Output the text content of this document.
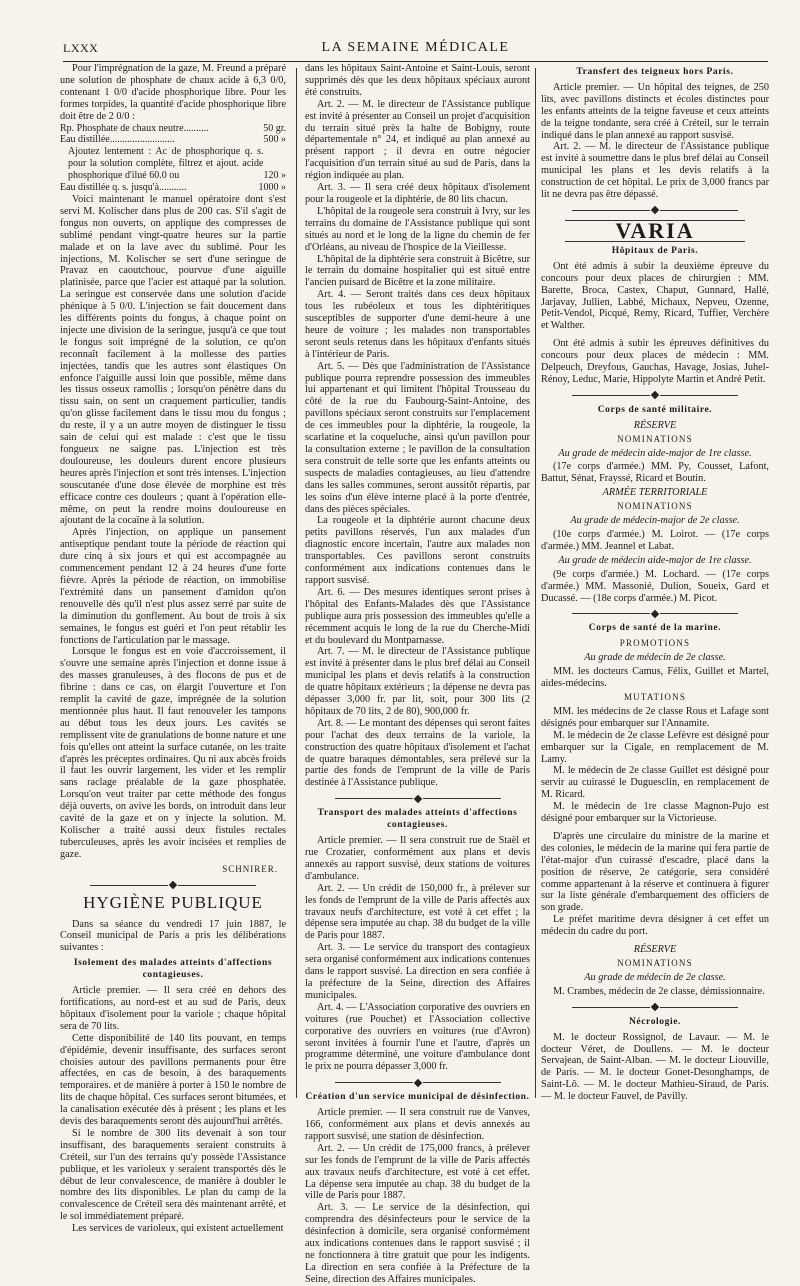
LXXX	LA SEMAINE MÉDICALE

Pour l'imprégnation de la gaze, M. Freund a préparé une solution de phosphate de chaux acide à 6,3 0/0, contenant 1 0/0 d'acide phosphorique libre. Pour les formes torpides, la quantité d'acide phosphorique libre doit être de 2 0/0 :

Rp. Phosphate de chaux neutre..........	50 gr.
Eau distillée..........................	500 »
Ajoutez lentement : Ac de phosphorique q. s. pour la solution complète, filtrez et ajout. acide phosphorique d'ilué 60.0 ou	120 »
Eau distillée q. s. jusqu'à...........	1000 »

Voici maintenant le manuel opératoire dont s'est servi M. Kolischer dans plus de 200 cas. S'il s'agit de fongus non ouverts, on applique des compresses de sublimé pendant vingt-quatre heures sur la partie malade et on la lave avec du sublimé. Pour les injections, M. Kolischer se sert d'une seringue de Pravaz en caoutchouc, pourvue d'une aiguille platinisée, parce que l'acier est attaqué par la solution. La seringue est conservée dans une solution d'acide phénique à 5 0/0. L'injection se fait doucement dans les différents points du fongus, à chaque point on injecte une division de la seringue, jusqu'à ce que tout le fongus soit imprégné de la solution, ce qu'on reconnaît facilement à la mollesse des parties injectées, tandis que les autres sont élastiques On enfonce l'aiguille aussi loin que possible, même dans les tissus osseux ramollis ; lorsqu'on pénètre dans du tissu sain, on sent un craquement particulier, tandis qu'on glisse facilement dans le tissu mou du fongus ; du reste, il y a un autre moyen de distinguer le tissu sain de celui qui est malade : c'est que le tissu fongueux ne saigne pas. L'injection est très douloureuse, les douleurs durent encore plusieurs heures après l'injection et sont très intenses. L'injection souscutanée d'une dose élevée de morphine est très efficace contre ces douleurs ; quant à l'opération elle-même, on peut la rendre moins douloureuse en ajoutant de la cocaïne à la solution.

Après l'injection, on applique un pansement antiseptique pendant toute la période de réaction qui dure cinq à six jours et qui est accompagnée au commencement pendant 12 à 24 heures d'une forte fièvre. Après la période de réaction, on immobilise l'extrémité dans un pansement d'amidon qu'on renouvelle dès qu'il n'est plus assez serré par suite de la diminution du gonflement. Au bout de trois à six semaines, le fongus est guéri et l'on peut rétablir les fonctions de l'articulation par le massage.

Lorsque le fongus est en voie d'accroissement, il s'ouvre une semaine après l'injection et donne issue à des masses granuleuses, à des flocons de pus et de fibrine : dans ce cas, on élargit l'ouverture et l'on remplit la cavité de gaze, imprégnée de la solution mentionnée plus haut. Il faut renouveler les tampons au début tous les deux jours. Les cavités se remplissent vite de granulations de bonne nature et une fois qu'elles ont atteint la surface cutanée, on les traite d'après les préceptes ordinaires. Qu ni aux abcès froids il faut les ouvrir largement, les vider et les remplir sans raclage préalable de la gaze phosphatée. Lorsqu'on veut traiter par cette méthode des fongus déjà ouverts, on avive les bords, on introduit dans leur cavité de la gaze et on y injecte la solution. M. Kolischer a traité aussi deux fistules rectales tuberculeuses, après les avoir incisées et remplies de gaze.

SCHNIRER.

HYGIÈNE PUBLIQUE

Dans sa séance du vendredi 17 juin 1887, le Conseil municipal de Paris a pris les délibérations suivantes :

Isolement des malades atteints d'affections contagieuses.

Article premier. — Il sera créé en dehors des fortifications, au nord-est et au sud de Paris, deux hôpitaux d'isolement pour la variole ; chaque hôpital sera de 70 lits.

Cette disponibilité de 140 lits pouvant, en temps d'épidémie, devenir insuffisante, des surfaces seront choisies autour des pavillons permanents pour être affectées, en cas de besoin, à des baraquements temporaires. et de manière à porter à 150 le nombre de lits de chaque hôpital. Ces surfaces seront bitumées, et la canalisation exécutée dès à présent ; les plans et les devis des baraquements seront dès aujourd'hui arrêtés.

Si le nombre de 300 lits devenait à son tour insuffisant, des baraquements seraient construits à Créteil, sur l'un des terrains qu'y possède l'Assistance publique, et les varioleux y seraient transportés dès le début de leur convalescence, de manière à doubler le nombre des lits disponibles. Le plan du camp de la convalescence de Créteil sera dès maintenant arrêté, et le sol immédiatement préparé.

Les services de varioleux, qui existent actuellement

dans les hôpitaux Saint-Antoine et Saint-Louis, seront supprimés dès que les deux hôpitaux spéciaux auront été construits.

Art. 2. — M. le directeur de l'Assistance publique est invité à présenter au Conseil un projet d'acquisition du terrain situé près la halte de Bobigny, route départementale n° 24, et indiqué au plan annexé au présent rapport ; il devra en outre négocier l'acquisition d'un terrain situé au sud de Paris, dans la région indiquée au plan.

Art. 3. — Il sera créé deux hôpitaux d'isolement pour la rougeole et la diphtérie, de 80 lits chacun.

L'hôpital de la rougeole sera construit à Ivry, sur les terrains du domaine de l'Assistance publique qui sont situés au nord et le long de la ligne du chemin de fer d'Orléans, au niveau de l'hospice de la Vieillesse.

L'hôpital de la diphtérie sera construit à Bicêtre, sur le terrain du domaine hospitalier qui est situé entre l'ancien puisard de Bicêtre et la zone militaire.

Art. 4. — Seront traités dans ces deux hôpitaux tous les rubéoleux et tous les diphtéritiques susceptibles de supporter d'une demi-heure à une heure de voiture ; les malades non transportables seront seuls retenus dans les hôpitaux d'enfants situés à l'intérieur de Paris.

Art. 5. — Dès que l'administration de l'Assistance publique pourra reprendre possession des immeubles lui appartenant et qui limitent l'hôpital Trousseau du côté de la rue du Faubourg-Saint-Antoine, des pavillons spéciaux seront construits sur l'emplacement de ces immeubles pour la diphtérie, la rougeole, la scarlatine et la coqueluche, ainsi qu'un pavillon pour la consultation externe ; le pavillon de la consultation sera construit de telle sorte que les enfants atteints ou suspects de maladies contagieuses, au lieu d'attendre dans les salles communes, seront aussitôt répartis, par les soins d'un élève interne placé à la porte d'entrée, dans des pièces spéciales.

La rougeole et la diphtérie auront chacune deux petits pavillons réservés, l'un aux malades d'un diagnostic encore incertain, l'autre aux malades non transportables. Ces pavillons seront construits conformément aux indications contenues dans le rapport susvisé.

Art. 6. — Des mesures identiques seront prises à l'hôpital des Enfants-Malades dès que l'Assistance publique aura pris possession des immeubles qu'elle a récemment acquis le long de la rue du Cherche-Midi et du boulevard du Montparnasse.

Art. 7. — M. le directeur de l'Assistance publique est invité à présenter dans le plus bref délai au Conseil municipal les plans et devis relatifs à la construction de quatre hôpitaux extérieurs ; la dépense ne devra pas dépasser 3,000 fr. par lit, soit, pour 300 lits (2 hôpitaux de 70 lits, 2 de 80), 900,000 fr.

Art. 8. — Le montant des dépenses qui seront faites pour l'achat des deux terrains de la variole, la construction des quatre hôpitaux d'isolement et l'achat de quatre baraques démontables, sera prélevé sur la partie des fonds de l'emprunt de la ville de Paris destinée à l'Assistance publique.

Transport des malades atteints d'affections contagieuses.

Article premier. — Il sera construit rue de Staël et rue Crozatier, conformément aux plans et devis annexés au rapport susvisé, deux stations de voitures d'ambulance.

Art. 2. — Un crédit de 150,000 fr., à prélever sur les fonds de l'emprunt de la ville de Paris affectés aux travaux neufs d'architecture, est voté à cet effet ; la dépense sera imputée au chap. 38 du budget de la ville de Paris pour 1887.

Art. 3. — Le service du transport des contagieux sera organisé conformément aux indications contenues dans le rapport susvisé. La direction en sera confiée à la préfecture de la Seine, direction des Affaires municipales.

Art. 4. — L'Association corporative des ouvriers en voitures (rue Pouchet) et l'Association collective corporative des ouvriers en voitures (rue d'Avron) seront invitées à fournir l'une et l'autre, d'après un programme déterminé, une voiture d'ambulance dont le prix ne pourra dépasser 3,000 fr.

Création d'un service municipal de désinfection.

Article premier. — Il sera construit rue de Vanves, 166, conformément aux plans et devis annexés au rapport susvisé, une station de désinfection.

Art. 2. — Un crédit de 175,000 francs, à prélever sur les fonds de l'emprunt de la ville de Paris affectés aux travaux neufs d'architecture, est voté à cet effet. La dépense sera imputée au chap. 38 du budget de la ville de Paris pour 1887.

Art. 3. — Le service de la désinfection, qui comprendra des désinfecteurs pour le service de la désinfection à domicile, sera organisé conformément aux indications contenues dans le rapport susvisé ; il ne fonctionnera à titre gratuit que pour les indigents. La direction en sera confiée à la Préfecture de la Seine, direction des Affaires municipales.

Transfert des teigneux hors Paris.

Article premier. — Un hôpital des teignes, de 250 lits, avec pavillons distincts et écoles distinctes pour les enfants atteints de la teigne faveuse et ceux atteints de la teigne tondante, sera créé à Créteil, sur le terrain indiqué dans le plan annexé au rapport susvisé.

Art. 2. — M. le directeur de l'Assistance publique est invité à soumettre dans le plus bref délai au Conseil municipal les plans et les devis relatifs à la construction de cet hôpital. Le prix de 3,000 francs par lit ne devra pas être dépassé.

VARIA

Hôpitaux de Paris.

Ont été admis à subir la deuxième épreuve du concours pour deux places de chirurgien : MM. Barette, Broca, Castex, Chaput, Gunnard, Hallé, Jarjavay, Jullien, Labbé, Michaux, Nepveu, Ozenne, Petit-Vendol, Picqué, Remy, Ricard, Tuffier, Verchère et Walther.

Ont été admis à subir les épreuves définitives du concours pour deux places de médecin : MM. Delpeuch, Dreyfous, Gauchas, Havage, Josias, Juhel-Rénoy, Leduc, Marie, Hippolyte Martin et André Petit.

Corps de santé militaire.

RÉSERVE

NOMINATIONS

Au grade de médecin aide-major de 1re classe.

(17e corps d'armée.) MM. Py, Cousset, Lafont, Battut, Sénat, Frayssé, Ricard et Boutin.

ARMÉE TERRITORIALE

NOMINATIONS

Au grade de médecin-major de 2e classe.

(10e corps d'armée.) M. Loirot. — (17e corps d'armée.) MM. Jeannel et Labat.

Au grade de médecin aide-major de 1re classe.

(9e corps d'armée.) M. Lochard. — (17e corps d'armée.) MM. Massonié, Dulion, Soueix, Gard et Ducassé. — (18e corps d'armée.) M. Picot.

Corps de santé de la marine.

PROMOTIONS

Au grade de médecin de 2e classe.

MM. les docteurs Camus, Félix, Guillet et Martel, aides-médecins.

MUTATIONS

MM. les médecins de 2e classe Rous et Lafage sont désignés pour embarquer sur l'Annamite.

M. le médecin de 2e classe Lefèvre est désigné pour embarquer sur la Cigale, en remplacement de M. Lamy.

M. le médecin de 2e classe Guillet est désigné pour servir au cuirassé le Duguesclin, en remplacement de M. Ricard.

M. le médecin de 1re classe Magnon-Pujo est désigné pour embarquer sur la Victorieuse.

D'après une circulaire du ministre de la marine et des colonies, le médecin de la marine qui fera partie de l'état-major d'un cuirassé d'escadre, placé dans la position de réserve, 2e catégorie, sera considéré comme appartenant à la réserve et continuera à figurer sur la liste générale d'embarquement des officiers de son grade.

Le préfet maritime devra désigner à cet effet un médecin du cadre du port.

RÉSERVE

NOMINATIONS

Au grade de médecin de 2e classe.

M. Crambes, médecin de 2e classe, démissionnaire.

Nécrologie.

M. le docteur Rossignol, de Lavaur. — M. le docteur Véret, de Doullens. — M. le docteur Servajean, de Saint-Alban. — M. le docteur Liouville, de Paris. — M. le docteur Gonet-Desonghamps, de Saint-Lô. — M. le docteur Mathieu-Siraud, de Paris. — M. le docteur Fauvel, de Pavilly.
